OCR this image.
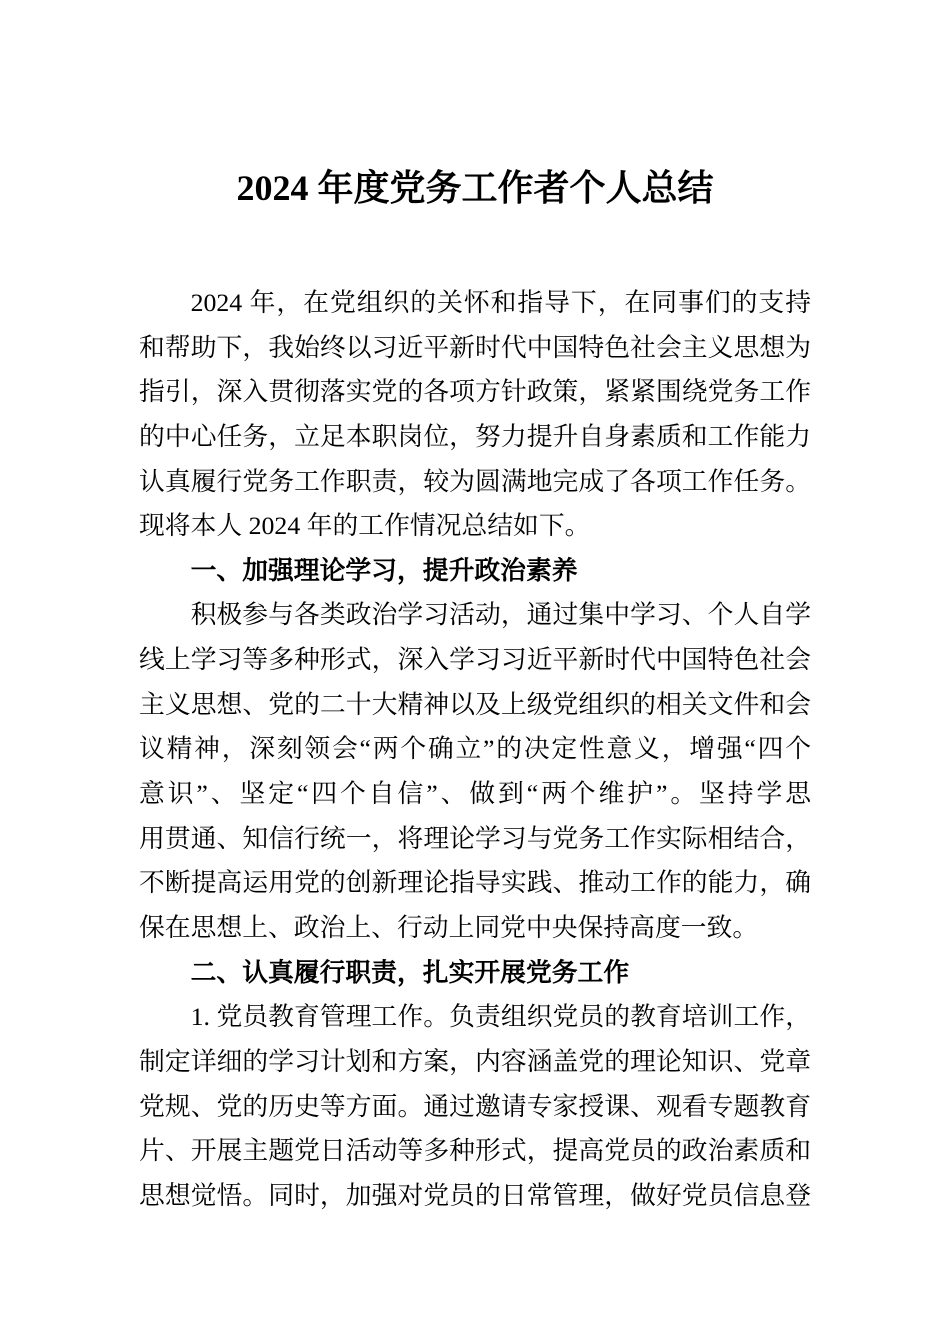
2024 年度党务工作者个人总结
2024 年，在党组织的关怀和指导下，在同事们的支持
和帮助下，我始终以习近平新时代中国特色社会主义思想为
指引，深入贯彻落实党的各项方针政策，紧紧围绕党务工作
的中心任务，立足本职岗位，努力提升自身素质和工作能力
认真履行党务工作职责，较为圆满地完成了各项工作任务。
现将本人 2024 年的工作情况总结如下。
一、加强理论学习，提升政治素养
积极参与各类政治学习活动，通过集中学习、个人自学
线上学习等多种形式，深入学习习近平新时代中国特色社会
主义思想、党的二十大精神以及上级党组织的相关文件和会
议精神，深刻领会“两个确立”的决定性意义，增强“四个
意识”、坚定“四个自信”、做到“两个维护”。坚持学思
用贯通、知信行统一，将理论学习与党务工作实际相结合，
不断提高运用党的创新理论指导实践、推动工作的能力，确
保在思想上、政治上、行动上同党中央保持高度一致。
二、认真履行职责，扎实开展党务工作
1. 党员教育管理工作。负责组织党员的教育培训工作，
制定详细的学习计划和方案，内容涵盖党的理论知识、党章
党规、党的历史等方面。通过邀请专家授课、观看专题教育
片、开展主题党日活动等多种形式，提高党员的政治素质和
思想觉悟。同时，加强对党员的日常管理，做好党员信息登
